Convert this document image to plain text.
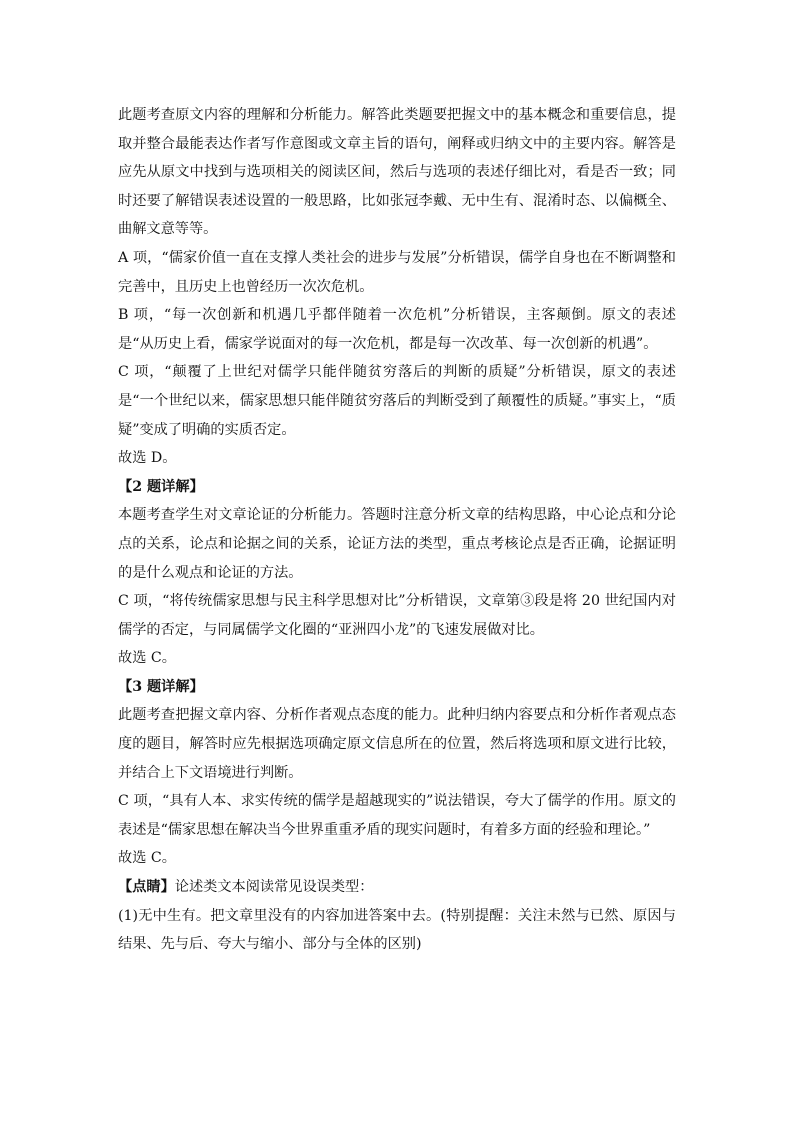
此题考查原文内容的理解和分析能力。解答此类题要把握文中的基本概念和重要信息，提取并整合最能表达作者写作意图或文章主旨的语句，阐释或归纳文中的主要内容。解答是应先从原文中找到与选项相关的阅读区间，然后与选项的表述仔细比对，看是否一致；同时还要了解错误表述设置的一般思路，比如张冠李戴、无中生有、混淆时态、以偏概全、曲解文意等等。

A 项，“儒家价值一直在支撑人类社会的进步与发展”分析错误，儒学自身也在不断调整和完善中，且历史上也曾经历一次次危机。

B 项，“每一次创新和机遇几乎都伴随着一次危机”分析错误，主客颠倒。原文的表述是“从历史上看，儒家学说面对的每一次危机，都是每一次改革、每一次创新的机遇”。

C 项，“颠覆了上世纪对儒学只能伴随贫穷落后的判断的质疑”分析错误，原文的表述是“一个世纪以来，儒家思想只能伴随贫穷落后的判断受到了颠覆性的质疑。”事实上，“质疑”变成了明确的实质否定。

故选 D。

【2 题详解】

本题考查学生对文章论证的分析能力。答题时注意分析文章的结构思路，中心论点和分论点的关系，论点和论据之间的关系，论证方法的类型，重点考核论点是否正确，论据证明的是什么观点和论证的方法。

C 项，“将传统儒家思想与民主科学思想对比”分析错误，文章第③段是将 20 世纪国内对儒学的否定，与同属儒学文化圈的“亚洲四小龙”的飞速发展做对比。

故选 C。

【3 题详解】

此题考查把握文章内容、分析作者观点态度的能力。此种归纳内容要点和分析作者观点态度的题目，解答时应先根据选项确定原文信息所在的位置，然后将选项和原文进行比较，并结合上下文语境进行判断。

C 项，“具有人本、求实传统的儒学是超越现实的”说法错误，夸大了儒学的作用。原文的表述是“儒家思想在解决当今世界重重矛盾的现实问题时，有着多方面的经验和理论。”

故选 C。

【点睛】论述类文本阅读常见设误类型：

(1)无中生有。把文章里没有的内容加进答案中去。(特别提醒：关注未然与已然、原因与结果、先与后、夸大与缩小、部分与全体的区别)
